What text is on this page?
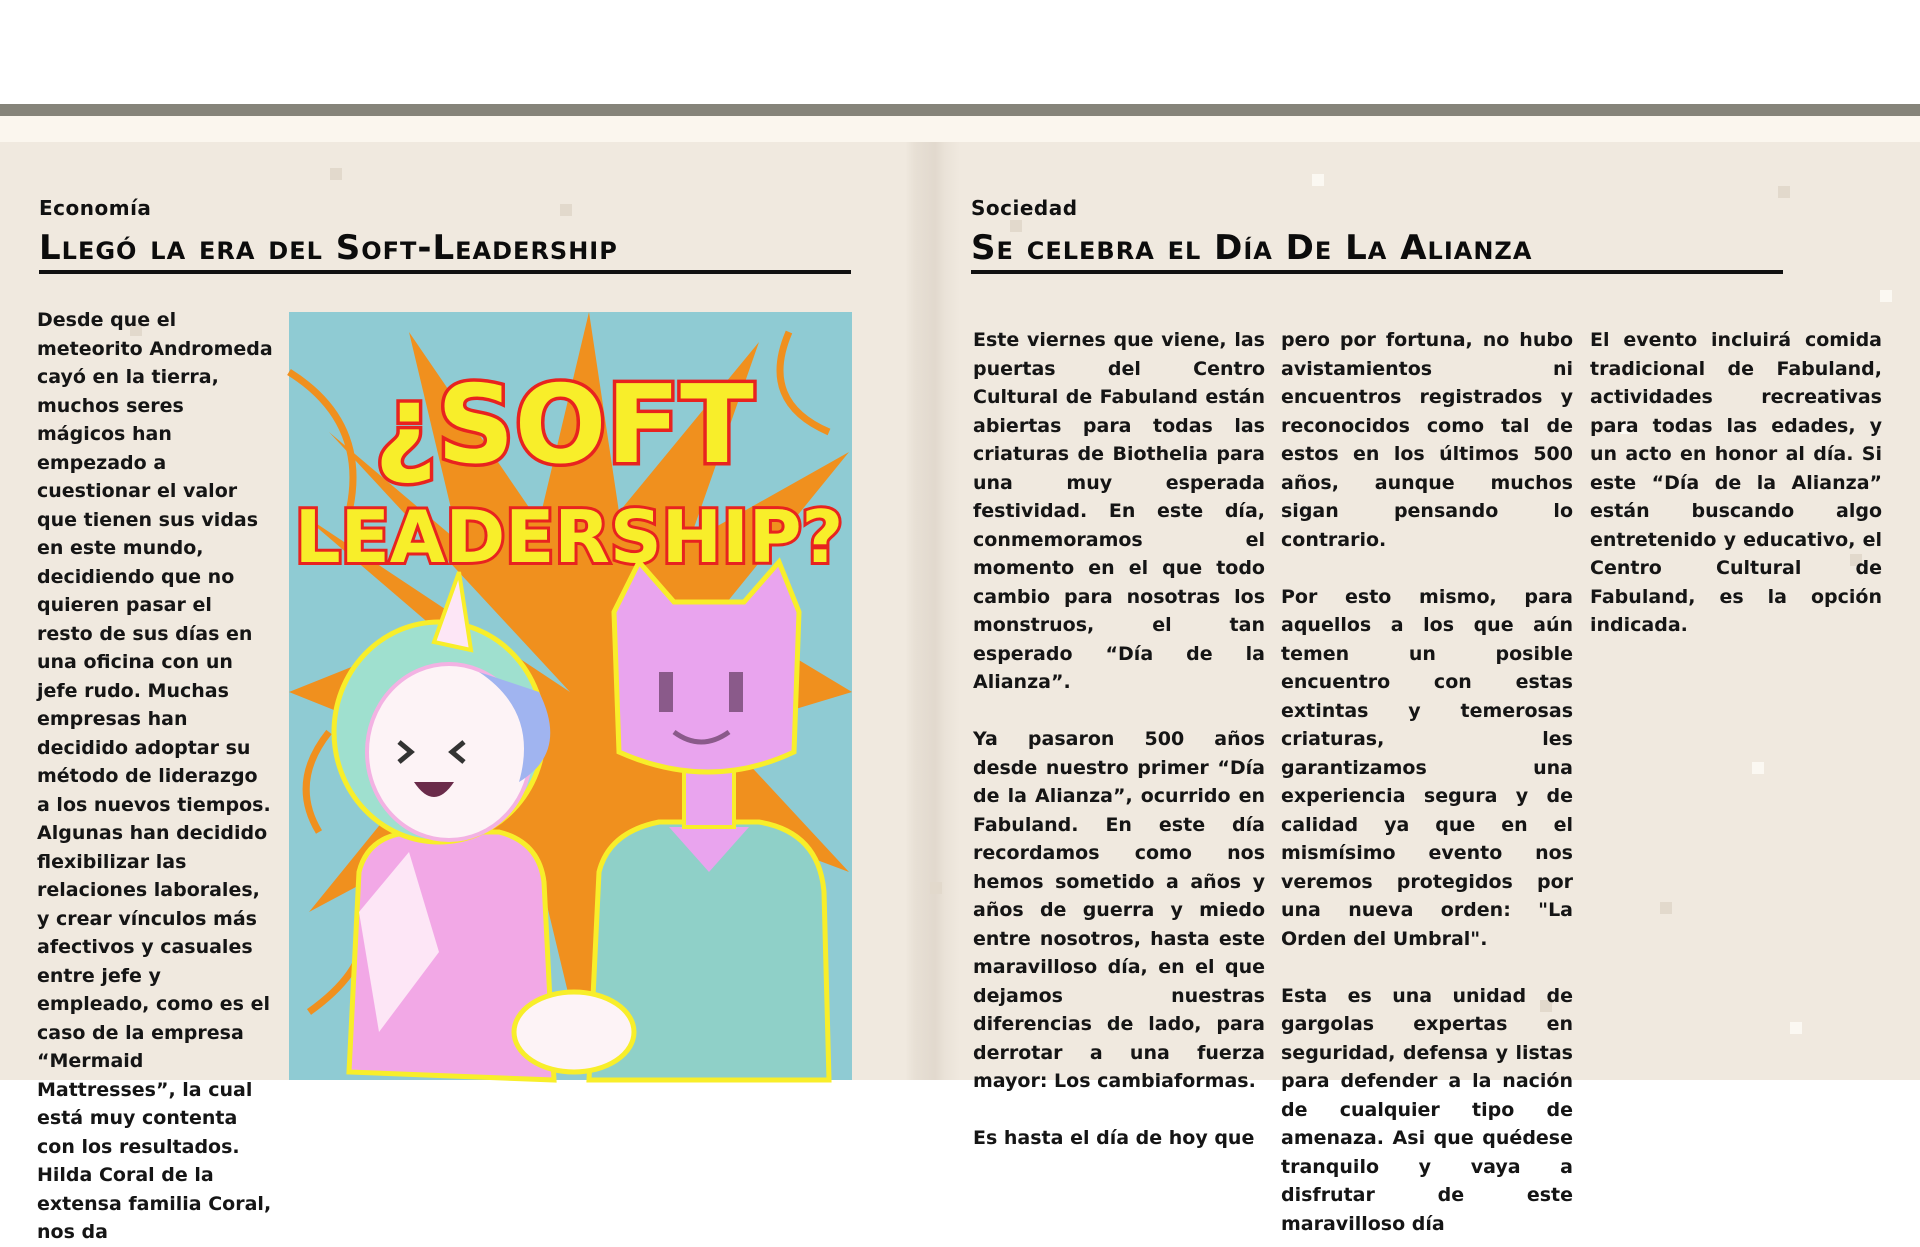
Economía
Llegó la era del Soft-Leadership
Desde que el meteorito Andromeda cayó en la tierra, muchos seres mágicos han empezado a cuestionar el valor que tienen sus vidas en este mundo, decidiendo que no quieren pasar el resto de sus días en una oficina con un jefe rudo. Muchas empresas han decidido adoptar su método de liderazgo a los nuevos tiempos. Algunas han decidido flexibilizar las relaciones laborales, y crear vínculos más afectivos y casuales entre jefe y empleado, como es el caso de la empresa “Mermaid Mattresses”, la cual está muy contenta con los resultados. Hilda Coral de la extensa familia Coral, nos da
¿SOFT
LEADERSHIP?
Sociedad
Se celebra el Día De La Alianza

Este viernes que viene, las puertas del Centro Cultural de Fabuland están abiertas para todas las criaturas de Biothelia para una muy esperada festividad. En este día, conmemoramos el momento en el que todo cambio para nosotras los monstruos, el tan esperado “Día de la Alianza”.

Ya pasaron 500 años desde nuestro primer “Día de la Alianza”, ocurrido en Fabuland. En este día recordamos como nos hemos sometido a años y años de guerra y miedo entre nosotros, hasta este maravilloso día, en el que dejamos nuestras diferencias de lado, para derrotar a una fuerza mayor: Los cambiaformas.

Es hasta el día de hoy que

pero por fortuna, no hubo avistamientos ni encuentros registrados y reconocidos como tal de estos en los últimos 500 años, aunque muchos sigan pensando lo contrario.

Por esto mismo, para aquellos a los que aún temen un posible encuentro con estas extintas y temerosas criaturas, les garantizamos una experiencia segura y de calidad ya que en el mismísimo evento nos veremos protegidos por una nueva orden: "La Orden del Umbral".

Esta es una unidad de gargolas expertas en seguridad, defensa y listas para defender a la nación de cualquier tipo de amenaza. Asi que quédese tranquilo y vaya a disfrutar de este maravilloso día

El evento incluirá comida tradicional de Fabuland, actividades recreativas para todas las edades, y un acto en honor al día. Si este “Día de la Alianza” están buscando algo entretenido y educativo, el Centro Cultural de Fabuland, es la opción indicada.
